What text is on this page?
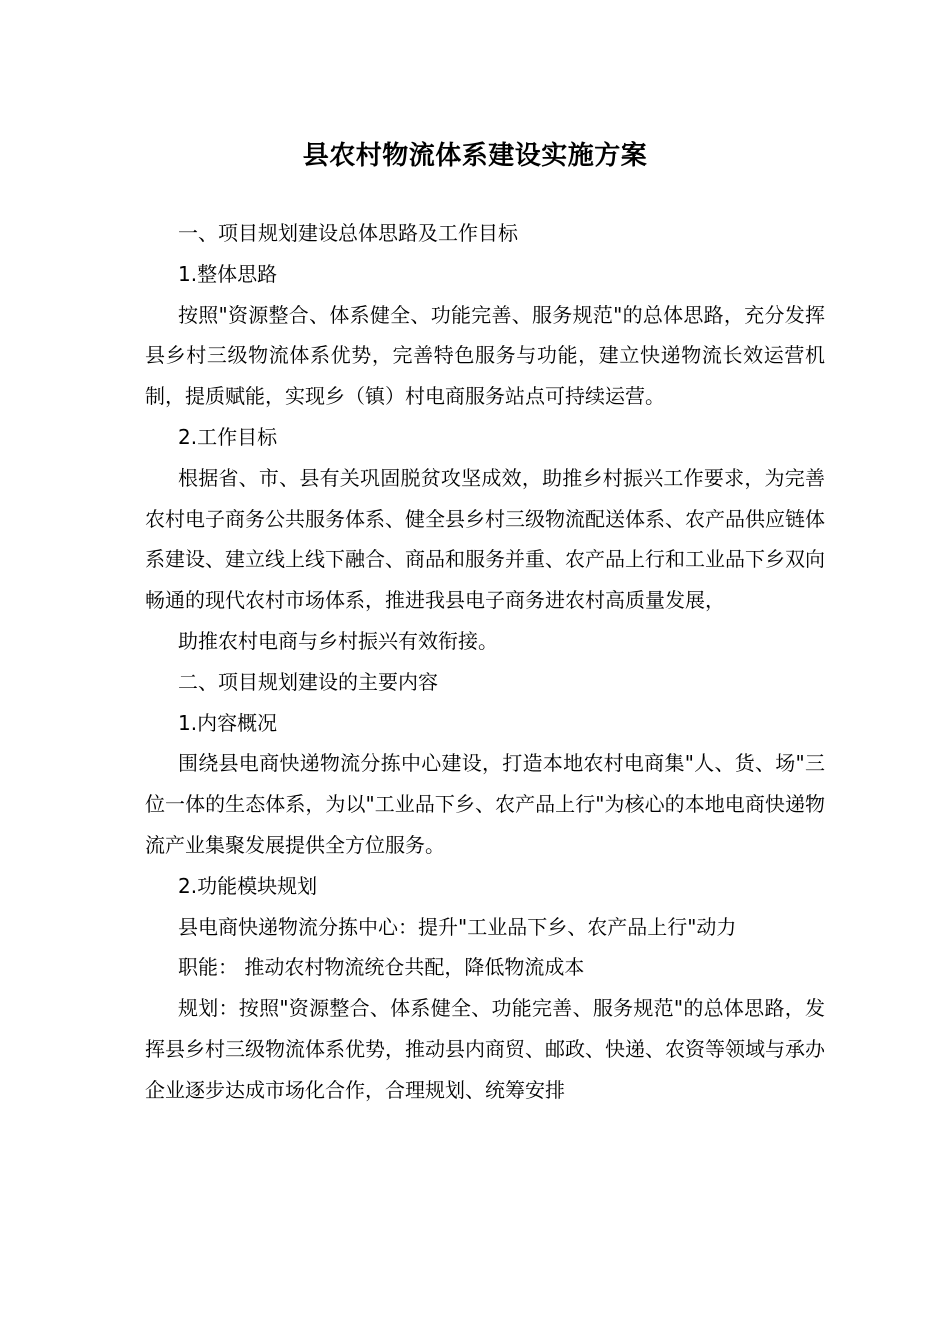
县农村物流体系建设实施方案

一、项目规划建设总体思路及工作目标

1.整体思路

按照"资源整合、体系健全、功能完善、服务规范"的总体思路，充分发挥县乡村三级物流体系优势，完善特色服务与功能，建立快递物流长效运营机制，提质赋能，实现乡（镇）村电商服务站点可持续运营。

2.工作目标

根据省、市、县有关巩固脱贫攻坚成效，助推乡村振兴工作要求，为完善农村电子商务公共服务体系、健全县乡村三级物流配送体系、农产品供应链体系建设、建立线上线下融合、商品和服务并重、农产品上行和工业品下乡双向畅通的现代农村市场体系，推进我县电子商务进农村高质量发展，

助推农村电商与乡村振兴有效衔接。

二、项目规划建设的主要内容

1.内容概况

围绕县电商快递物流分拣中心建设，打造本地农村电商集"人、货、场"三位一体的生态体系，为以"工业品下乡、农产品上行"为核心的本地电商快递物流产业集聚发展提供全方位服务。

2.功能模块规划

县电商快递物流分拣中心：提升"工业品下乡、农产品上行"动力

职能： 推动农村物流统仓共配，降低物流成本

规划：按照"资源整合、体系健全、功能完善、服务规范"的总体思路，发挥县乡村三级物流体系优势，推动县内商贸、邮政、快递、农资等领域与承办企业逐步达成市场化合作，合理规划、统筹安排
